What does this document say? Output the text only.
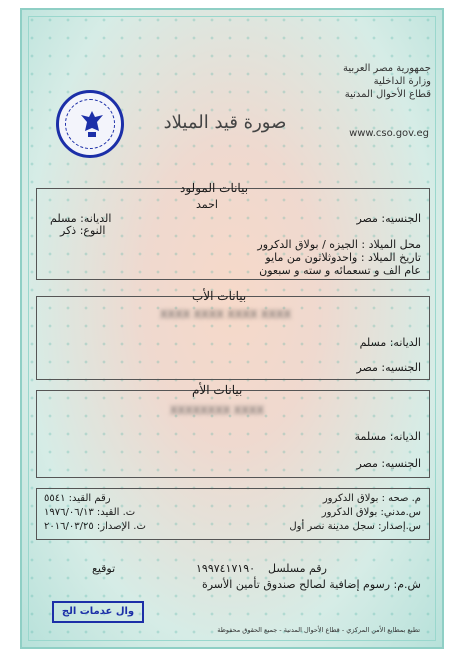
جمهورية مصر العربية
وزارة الداخلية
قطاع الأحوال المدنية
www.cso.gov.eg
صورة قيد الميلاد
بيانات المولود
احمد
الديانه: مسلم
النوع: ذكر
الجنسيه: مصر
محل الميلاد : الجيزه / بولاق الدكرور
تاريخ الميلاد : واحدوثلاثون من مايو
عام الف و تسعمائه و سته و سبعون
بيانات الأب
XXXX XXXX XXXX XXXX
الديانه: مسلم
الجنسيه: مصر
بيانات الأم
XXXXXXXX XXXX
الديانه: مسلمة
الجنسيه: مصر
م. صحه : بولاق الدكرور
س.مدني: بولاق الدكرور
س.إصدار: سجل مدينة نصر أول
رقم القيد: ٥٥٤١
ت. القيد: ١٩٧٦/٠٦/١٣
ت. الإصدار: ٢٠١٦/٠٣/٢٥
رقم مسلسل
١٩٩٧٤١٧١٩٠
توقيع
ش.م: رسوم إضافية لصالح صندوق تأمين الأسرة
وال عدمات الج
تطبع بمطابع الأمن المركزي - قطاع الأحوال المدنية - جميع الحقوق محفوظة
